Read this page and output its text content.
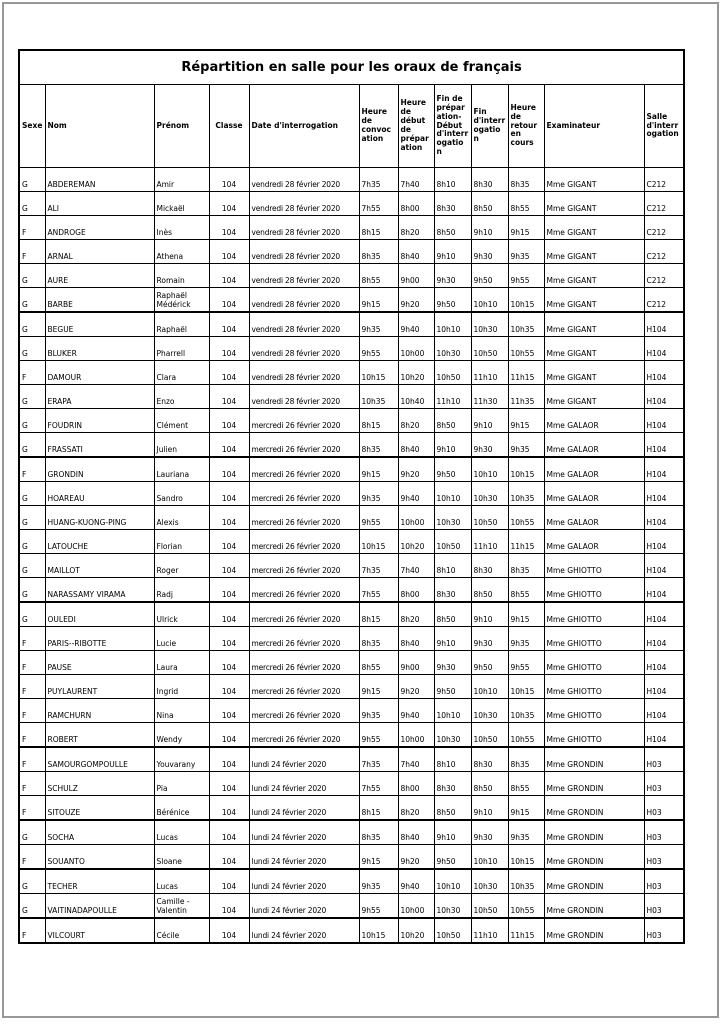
Répartition en salle pour les oraux de français											
Sexe	Nom	Prénom	Classe	Date d'interrogation	Heure de convocation	Heure de début de préparation	Fin de préparation-Début d'interrogation	Fin d'interrogation	Heure de retour en cours	Examinateur	Salle d'interrogation
G	ABDEREMAN	Amir	104	vendredi 28 février 2020	7h35	7h40	8h10	8h30	8h35	Mme GIGANT	C212
G	ALI	Mickaël	104	vendredi 28 février 2020	7h55	8h00	8h30	8h50	8h55	Mme GIGANT	C212
F	ANDROGE	Inès	104	vendredi 28 février 2020	8h15	8h20	8h50	9h10	9h15	Mme GIGANT	C212
F	ARNAL	Athena	104	vendredi 28 février 2020	8h35	8h40	9h10	9h30	9h35	Mme GIGANT	C212
G	AURE	Romain	104	vendredi 28 février 2020	8h55	9h00	9h30	9h50	9h55	Mme GIGANT	C212
G	BARBE	Raphaël Médérick	104	vendredi 28 février 2020	9h15	9h20	9h50	10h10	10h15	Mme GIGANT	C212
G	BEGUE	Raphaël	104	vendredi 28 février 2020	9h35	9h40	10h10	10h30	10h35	Mme GIGANT	H104
G	BLUKER	Pharrell	104	vendredi 28 février 2020	9h55	10h00	10h30	10h50	10h55	Mme GIGANT	H104
F	DAMOUR	Clara	104	vendredi 28 février 2020	10h15	10h20	10h50	11h10	11h15	Mme GIGANT	H104
G	ERAPA	Enzo	104	vendredi 28 février 2020	10h35	10h40	11h10	11h30	11h35	Mme GIGANT	H104
G	FOUDRIN	Clément	104	mercredi 26 février 2020	8h15	8h20	8h50	9h10	9h15	Mme GALAOR	H104
G	FRASSATI	Julien	104	mercredi 26 février 2020	8h35	8h40	9h10	9h30	9h35	Mme GALAOR	H104
F	GRONDIN	Lauriana	104	mercredi 26 février 2020	9h15	9h20	9h50	10h10	10h15	Mme GALAOR	H104
G	HOAREAU	Sandro	104	mercredi 26 février 2020	9h35	9h40	10h10	10h30	10h35	Mme GALAOR	H104
G	HUANG-KUONG-PING	Alexis	104	mercredi 26 février 2020	9h55	10h00	10h30	10h50	10h55	Mme GALAOR	H104
G	LATOUCHE	Florian	104	mercredi 26 février 2020	10h15	10h20	10h50	11h10	11h15	Mme GALAOR	H104
G	MAILLOT	Roger	104	mercredi 26 février 2020	7h35	7h40	8h10	8h30	8h35	Mme GHIOTTO	H104
G	NARASSAMY VIRAMA	Radj	104	mercredi 26 février 2020	7h55	8h00	8h30	8h50	8h55	Mme GHIOTTO	H104
G	OULEDI	Ulrick	104	mercredi 26 février 2020	8h15	8h20	8h50	9h10	9h15	Mme GHIOTTO	H104
F	PARIS--RIBOTTE	Lucie	104	mercredi 26 février 2020	8h35	8h40	9h10	9h30	9h35	Mme GHIOTTO	H104
F	PAUSE	Laura	104	mercredi 26 février 2020	8h55	9h00	9h30	9h50	9h55	Mme GHIOTTO	H104
F	PUYLAURENT	Ingrid	104	mercredi 26 février 2020	9h15	9h20	9h50	10h10	10h15	Mme GHIOTTO	H104
F	RAMCHURN	Nina	104	mercredi 26 février 2020	9h35	9h40	10h10	10h30	10h35	Mme GHIOTTO	H104
F	ROBERT	Wendy	104	mercredi 26 février 2020	9h55	10h00	10h30	10h50	10h55	Mme GHIOTTO	H104
F	SAMOURGOMPOULLE	Youvarany	104	lundi 24 février 2020	7h35	7h40	8h10	8h30	8h35	Mme GRONDIN	H03
F	SCHULZ	Pia	104	lundi 24 février 2020	7h55	8h00	8h30	8h50	8h55	Mme GRONDIN	H03
F	SITOUZE	Bérénice	104	lundi 24 février 2020	8h15	8h20	8h50	9h10	9h15	Mme GRONDIN	H03
G	SOCHA	Lucas	104	lundi 24 février 2020	8h35	8h40	9h10	9h30	9h35	Mme GRONDIN	H03
F	SOUANTO	Sloane	104	lundi 24 février 2020	9h15	9h20	9h50	10h10	10h15	Mme GRONDIN	H03
G	TECHER	Lucas	104	lundi 24 février 2020	9h35	9h40	10h10	10h30	10h35	Mme GRONDIN	H03
G	VAITINADAPOULLE	Camille - Valentin	104	lundi 24 février 2020	9h55	10h00	10h30	10h50	10h55	Mme GRONDIN	H03
F	VILCOURT	Cécile	104	lundi 24 février 2020	10h15	10h20	10h50	11h10	11h15	Mme GRONDIN	H03
